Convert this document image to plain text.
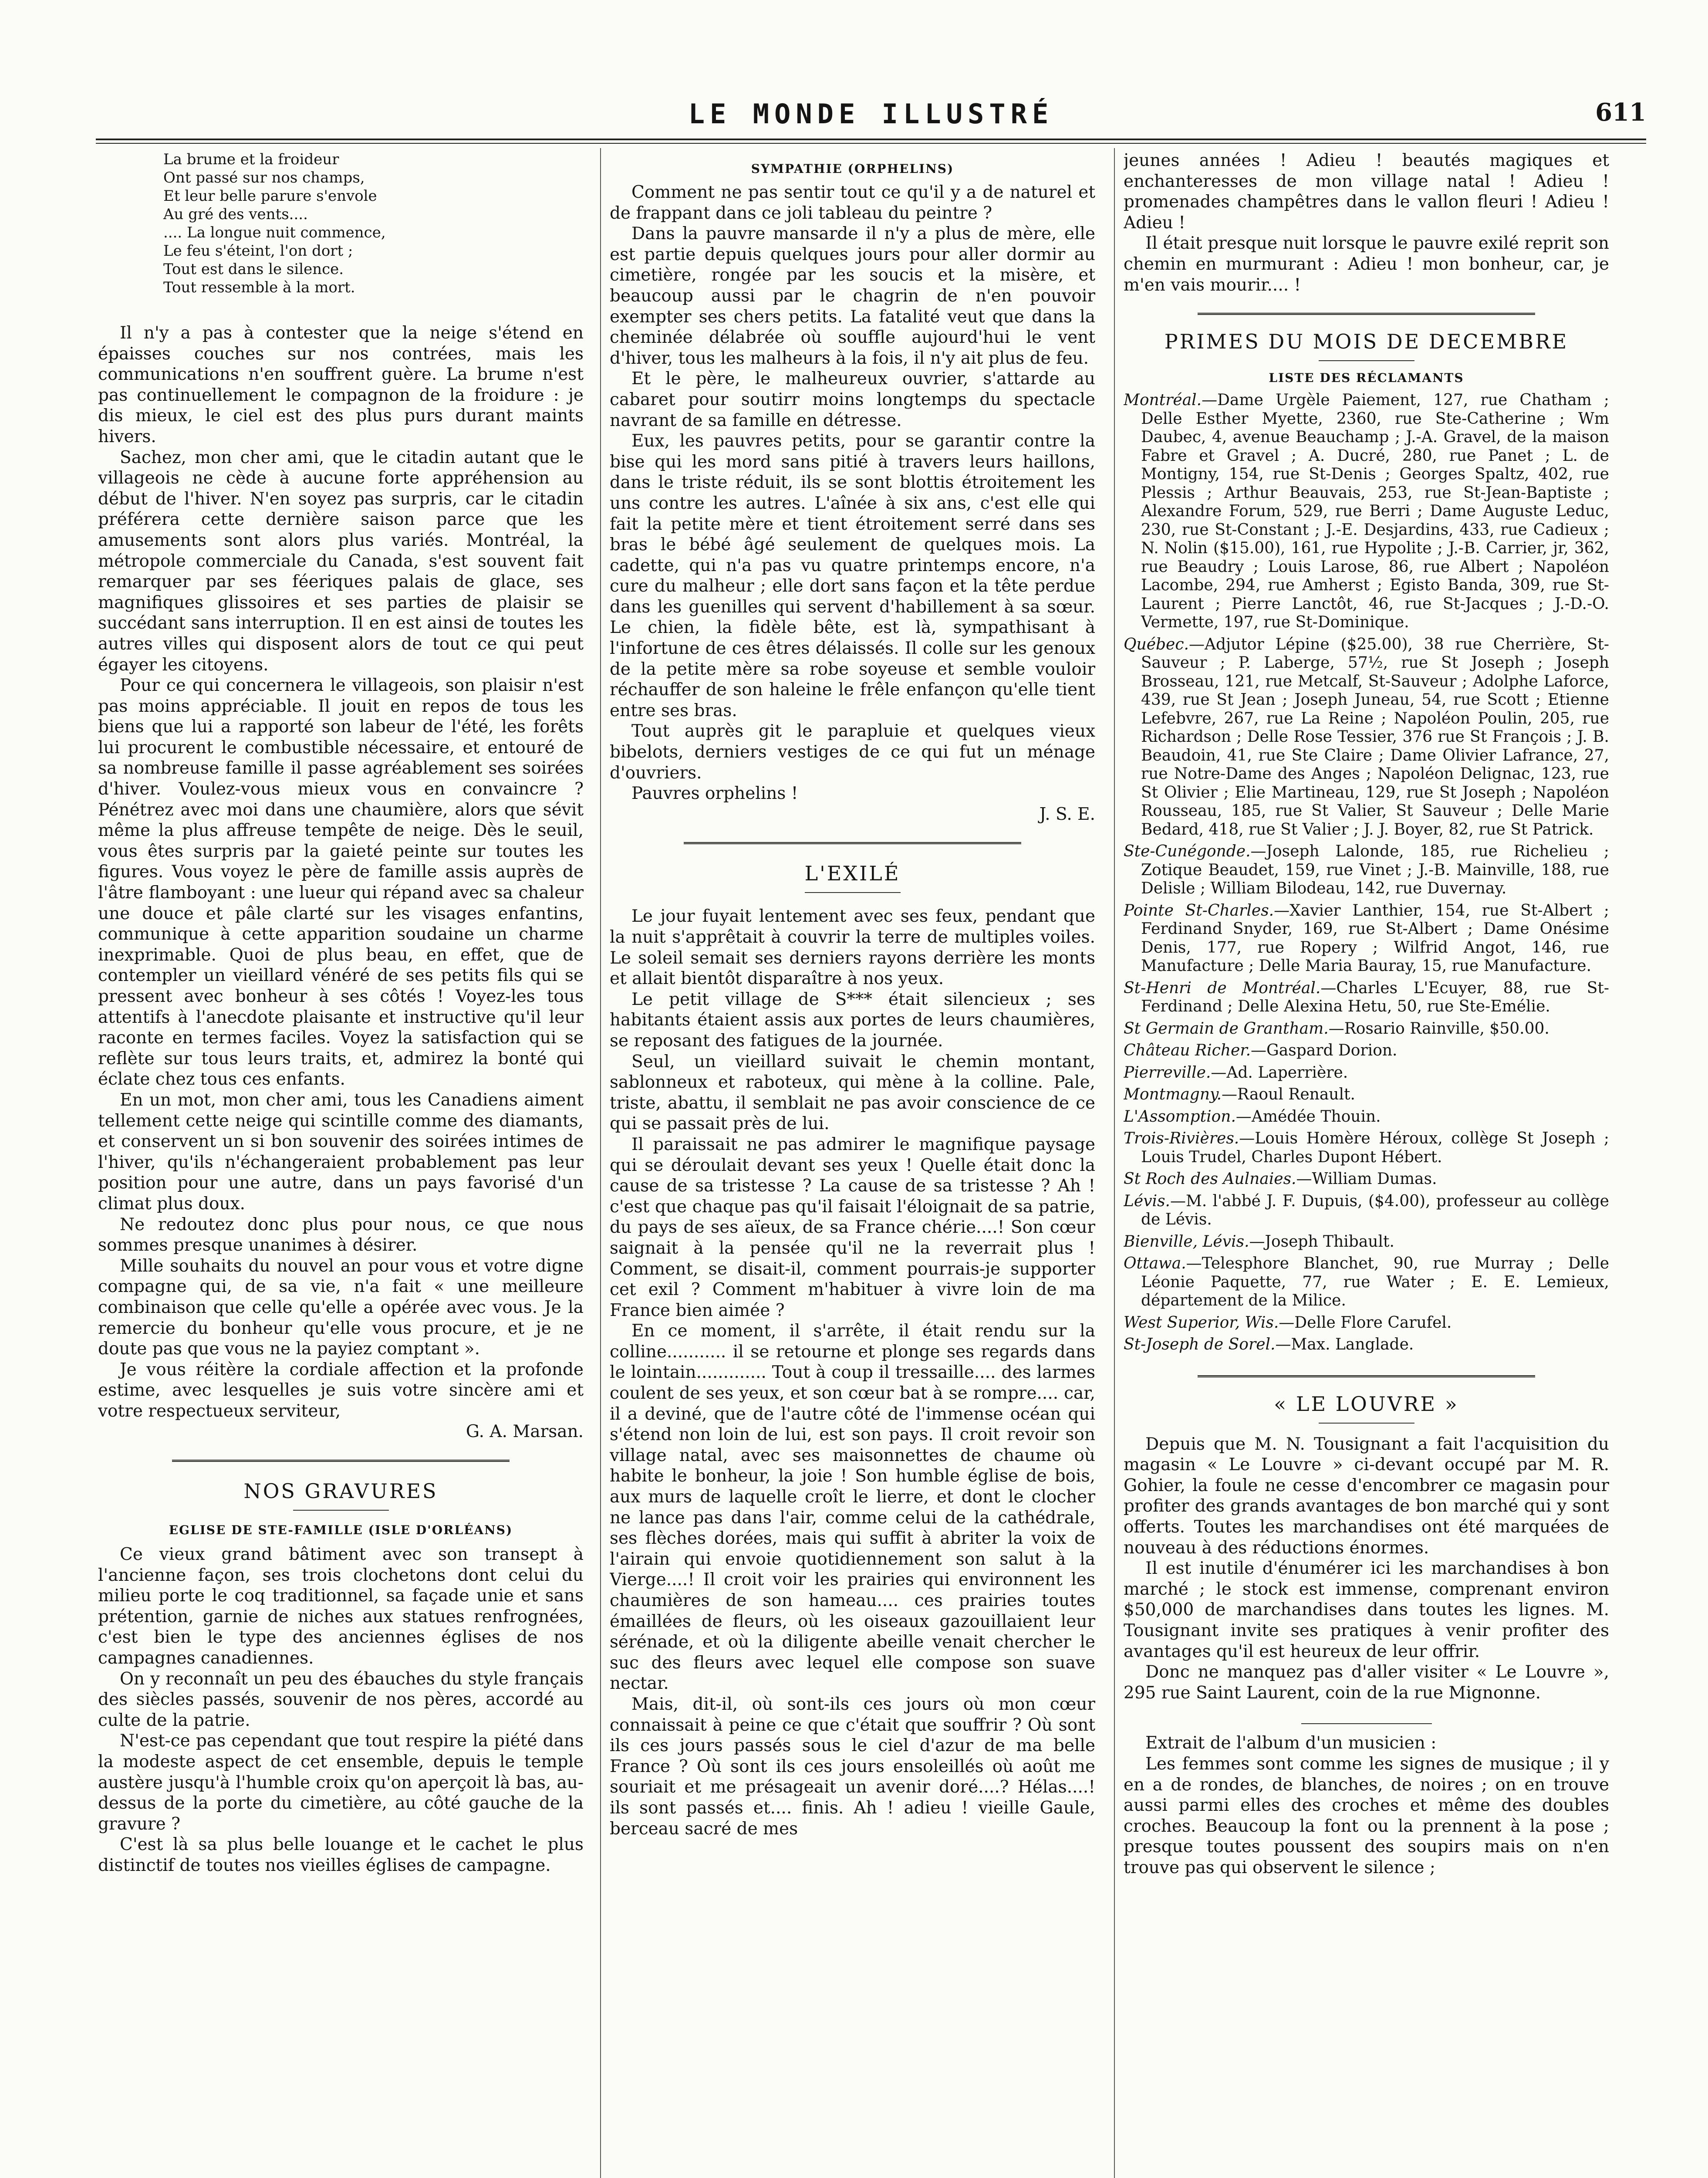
LE MONDE ILLUSTRÉ	611
La brume et la froideur
Ont passé sur nos champs,
Et leur belle parure s'envole
Au gré des vents....
.... La longue nuit commence,
Le feu s'éteint, l'on dort ;
Tout est dans le silence.
Tout ressemble à la mort.

Il n'y a pas à contester que la neige s'étend en épaisses couches sur nos contrées, mais les communications n'en souffrent guère. La brume n'est pas continuellement le compagnon de la froidure : je dis mieux, le ciel est des plus purs durant maints hivers.

Sachez, mon cher ami, que le citadin autant que le villageois ne cède à aucune forte appréhension au début de l'hiver. N'en soyez pas surpris, car le citadin préférera cette dernière saison parce que les amusements sont alors plus variés. Montréal, la métropole commerciale du Canada, s'est souvent fait remarquer par ses féeriques palais de glace, ses magnifiques glissoires et ses parties de plaisir se succédant sans interruption. Il en est ainsi de toutes les autres villes qui disposent alors de tout ce qui peut égayer les citoyens.

Pour ce qui concernera le villageois, son plaisir n'est pas moins appréciable. Il jouit en repos de tous les biens que lui a rapporté son labeur de l'été, les forêts lui procurent le combustible nécessaire, et entouré de sa nombreuse famille il passe agréablement ses soirées d'hiver. Voulez-vous mieux vous en convaincre ? Pénétrez avec moi dans une chaumière, alors que sévit même la plus affreuse tempête de neige. Dès le seuil, vous êtes surpris par la gaieté peinte sur toutes les figures. Vous voyez le père de famille assis auprès de l'âtre flamboyant : une lueur qui répand avec sa chaleur une douce et pâle clarté sur les visages enfantins, communique à cette apparition soudaine un charme inexprimable. Quoi de plus beau, en effet, que de contempler un vieillard vénéré de ses petits fils qui se pressent avec bonheur à ses côtés ! Voyez-les tous attentifs à l'anecdote plaisante et instructive qu'il leur raconte en termes faciles. Voyez la satisfaction qui se reflète sur tous leurs traits, et, admirez la bonté qui éclate chez tous ces enfants.

En un mot, mon cher ami, tous les Canadiens aiment tellement cette neige qui scintille comme des diamants, et conservent un si bon souvenir des soirées intimes de l'hiver, qu'ils n'échangeraient probablement pas leur position pour une autre, dans un pays favorisé d'un climat plus doux.

Ne redoutez donc plus pour nous, ce que nous sommes presque unanimes à désirer.

Mille souhaits du nouvel an pour vous et votre digne compagne qui, de sa vie, n'a fait « une meilleure combinaison que celle qu'elle a opérée avec vous. Je la remercie du bonheur qu'elle vous procure, et je ne doute pas que vous ne la payiez comptant ».

Je vous réitère la cordiale affection et la profonde estime, avec lesquelles je suis votre sincère ami et votre respectueux serviteur,

G. A. Marsan.

NOS GRAVURES

EGLISE DE STE-FAMILLE (ISLE D'ORLÉANS)

Ce vieux grand bâtiment avec son transept à l'ancienne façon, ses trois clochetons dont celui du milieu porte le coq traditionnel, sa façade unie et sans prétention, garnie de niches aux statues renfrognées, c'est bien le type des anciennes églises de nos campagnes canadiennes.

On y reconnaît un peu des ébauches du style français des siècles passés, souvenir de nos pères, accordé au culte de la patrie.

N'est-ce pas cependant que tout respire la piété dans la modeste aspect de cet ensemble, depuis le temple austère jusqu'à l'humble croix qu'on aperçoit là bas, au-dessus de la porte du cimetière, au côté gauche de la gravure ?

C'est là sa plus belle louange et le cachet le plus distinctif de toutes nos vieilles églises de campagne.

SYMPATHIE (ORPHELINS)

Comment ne pas sentir tout ce qu'il y a de naturel et de frappant dans ce joli tableau du peintre ?

Dans la pauvre mansarde il n'y a plus de mère, elle est partie depuis quelques jours pour aller dormir au cimetière, rongée par les soucis et la misère, et beaucoup aussi par le chagrin de n'en pouvoir exempter ses chers petits. La fatalité veut que dans la cheminée délabrée où souffle aujourd'hui le vent d'hiver, tous les malheurs à la fois, il n'y ait plus de feu.

Et le père, le malheureux ouvrier, s'attarde au cabaret pour soutirr moins longtemps du spectacle navrant de sa famille en détresse.

Eux, les pauvres petits, pour se garantir contre la bise qui les mord sans pitié à travers leurs haillons, dans le triste réduit, ils se sont blottis étroitement les uns contre les autres. L'aînée à six ans, c'est elle qui fait la petite mère et tient étroitement serré dans ses bras le bébé âgé seulement de quelques mois. La cadette, qui n'a pas vu quatre printemps encore, n'a cure du malheur ; elle dort sans façon et la tête perdue dans les guenilles qui servent d'habillement à sa sœur. Le chien, la fidèle bête, est là, sympathisant à l'infortune de ces êtres délaissés. Il colle sur les genoux de la petite mère sa robe soyeuse et semble vouloir réchauffer de son haleine le frêle enfançon qu'elle tient entre ses bras.

Tout auprès git le parapluie et quelques vieux bibelots, derniers vestiges de ce qui fut un ménage d'ouvriers.

Pauvres orphelins !

J. S. E.

L'EXILÉ

Le jour fuyait lentement avec ses feux, pendant que la nuit s'apprêtait à couvrir la terre de multiples voiles. Le soleil semait ses derniers rayons derrière les monts et allait bientôt disparaître à nos yeux.

Le petit village de S*** était silencieux ; ses habitants étaient assis aux portes de leurs chaumières, se reposant des fatigues de la journée.

Seul, un vieillard suivait le chemin montant, sablonneux et raboteux, qui mène à la colline. Pale, triste, abattu, il semblait ne pas avoir conscience de ce qui se passait près de lui.

Il paraissait ne pas admirer le magnifique paysage qui se déroulait devant ses yeux ! Quelle était donc la cause de sa tristesse ? La cause de sa tristesse ? Ah ! c'est que chaque pas qu'il faisait l'éloignait de sa patrie, du pays de ses aïeux, de sa France chérie....! Son cœur saignait à la pensée qu'il ne la reverrait plus ! Comment, se disait-il, comment pourrais-je supporter cet exil ? Comment m'habituer à vivre loin de ma France bien aimée ?

En ce moment, il s'arrête, il était rendu sur la colline........... il se retourne et plonge ses regards dans le lointain............. Tout à coup il tressaille.... des larmes coulent de ses yeux, et son cœur bat à se rompre.... car, il a deviné, que de l'autre côté de l'immense océan qui s'étend non loin de lui, est son pays. Il croit revoir son village natal, avec ses maisonnettes de chaume où habite le bonheur, la joie ! Son humble église de bois, aux murs de laquelle croît le lierre, et dont le clocher ne lance pas dans l'air, comme celui de la cathédrale, ses flèches dorées, mais qui suffit à abriter la voix de l'airain qui envoie quotidiennement son salut à la Vierge....! Il croit voir les prairies qui environnent les chaumières de son hameau.... ces prairies toutes émaillées de fleurs, où les oiseaux gazouillaient leur sérénade, et où la diligente abeille venait chercher le suc des fleurs avec lequel elle compose son suave nectar.

Mais, dit-il, où sont-ils ces jours où mon cœur connaissait à peine ce que c'était que souffrir ? Où sont ils ces jours passés sous le ciel d'azur de ma belle France ? Où sont ils ces jours ensoleillés où août me souriait et me présageait un avenir doré....? Hélas....! ils sont passés et.... finis. Ah ! adieu ! vieille Gaule, berceau sacré de mes

jeunes années ! Adieu ! beautés magiques et enchanteresses de mon village natal ! Adieu ! promenades champêtres dans le vallon fleuri ! Adieu ! Adieu !

Il était presque nuit lorsque le pauvre exilé reprit son chemin en murmurant : Adieu ! mon bonheur, car, je m'en vais mourir.... !

PRIMES DU MOIS DE DECEMBRE

LISTE DES RÉCLAMANTS

Montréal.—Dame Urgèle Paiement, 127, rue Chatham ; Delle Esther Myette, 2360, rue Ste-Catherine ; Wm Daubec, 4, avenue Beauchamp ; J.-A. Gravel, de la maison Fabre et Gravel ; A. Ducré, 280, rue Panet ; L. de Montigny, 154, rue St-Denis ; Georges Spaltz, 402, rue Plessis ; Arthur Beauvais, 253, rue St-Jean-Baptiste ; Alexandre Forum, 529, rue Berri ; Dame Auguste Leduc, 230, rue St-Constant ; J.-E. Desjardins, 433, rue Cadieux ; N. Nolin ($15.00), 161, rue Hypolite ; J.-B. Carrier, jr, 362, rue Beaudry ; Louis Larose, 86, rue Albert ; Napoléon Lacombe, 294, rue Amherst ; Egisto Banda, 309, rue St-Laurent ; Pierre Lanctôt, 46, rue St-Jacques ; J.-D.-O. Vermette, 197, rue St-Dominique.

Québec.—Adjutor Lépine ($25.00), 38 rue Cherrière, St-Sauveur ; P. Laberge, 57½, rue St Joseph ; Joseph Brosseau, 121, rue Metcalf, St-Sauveur ; Adolphe Laforce, 439, rue St Jean ; Joseph Juneau, 54, rue Scott ; Etienne Lefebvre, 267, rue La Reine ; Napoléon Poulin, 205, rue Richardson ; Delle Rose Tessier, 376 rue St François ; J. B. Beaudoin, 41, rue Ste Claire ; Dame Olivier Lafrance, 27, rue Notre-Dame des Anges ; Napoléon Delignac, 123, rue St Olivier ; Elie Martineau, 129, rue St Joseph ; Napoléon Rousseau, 185, rue St Valier, St Sauveur ; Delle Marie Bedard, 418, rue St Valier ; J. J. Boyer, 82, rue St Patrick.

Ste-Cunégonde.—Joseph Lalonde, 185, rue Richelieu ; Zotique Beaudet, 159, rue Vinet ; J.-B. Mainville, 188, rue Delisle ; William Bilodeau, 142, rue Duvernay.

Pointe St-Charles.—Xavier Lanthier, 154, rue St-Albert ; Ferdinand Snyder, 169, rue St-Albert ; Dame Onésime Denis, 177, rue Ropery ; Wilfrid Angot, 146, rue Manufacture ; Delle Maria Bauray, 15, rue Manufacture.

St-Henri de Montréal.—Charles L'Ecuyer, 88, rue St-Ferdinand ; Delle Alexina Hetu, 50, rue Ste-Emélie.

St Germain de Grantham.—Rosario Rainville, $50.00.

Château Richer.—Gaspard Dorion.

Pierreville.—Ad. Laperrière.

Montmagny.—Raoul Renault.

L'Assomption.—Amédée Thouin.

Trois-Rivières.—Louis Homère Héroux, collège St Joseph ; Louis Trudel, Charles Dupont Hébert.

St Roch des Aulnaies.—William Dumas.

Lévis.—M. l'abbé J. F. Dupuis, ($4.00), professeur au collège de Lévis.

Bienville, Lévis.—Joseph Thibault.

Ottawa.—Telesphore Blanchet, 90, rue Murray ; Delle Léonie Paquette, 77, rue Water ; E. E. Lemieux, département de la Milice.

West Superior, Wis.—Delle Flore Carufel.

St-Joseph de Sorel.—Max. Langlade.

« LE LOUVRE »

Depuis que M. N. Tousignant a fait l'acquisition du magasin « Le Louvre » ci-devant occupé par M. R. Gohier, la foule ne cesse d'encombrer ce magasin pour profiter des grands avantages de bon marché qui y sont offerts. Toutes les marchandises ont été marquées de nouveau à des réductions énormes.

Il est inutile d'énumérer ici les marchandises à bon marché ; le stock est immense, comprenant environ $50,000 de marchandises dans toutes les lignes. M. Tousignant invite ses pratiques à venir profiter des avantages qu'il est heureux de leur offrir.

Donc ne manquez pas d'aller visiter « Le Louvre », 295 rue Saint Laurent, coin de la rue Mignonne.

Extrait de l'album d'un musicien :

Les femmes sont comme les signes de musique ; il y en a de rondes, de blanches, de noires ; on en trouve aussi parmi elles des croches et même des doubles croches. Beaucoup la font ou la prennent à la pose ; presque toutes poussent des soupirs mais on n'en trouve pas qui observent le silence ;
